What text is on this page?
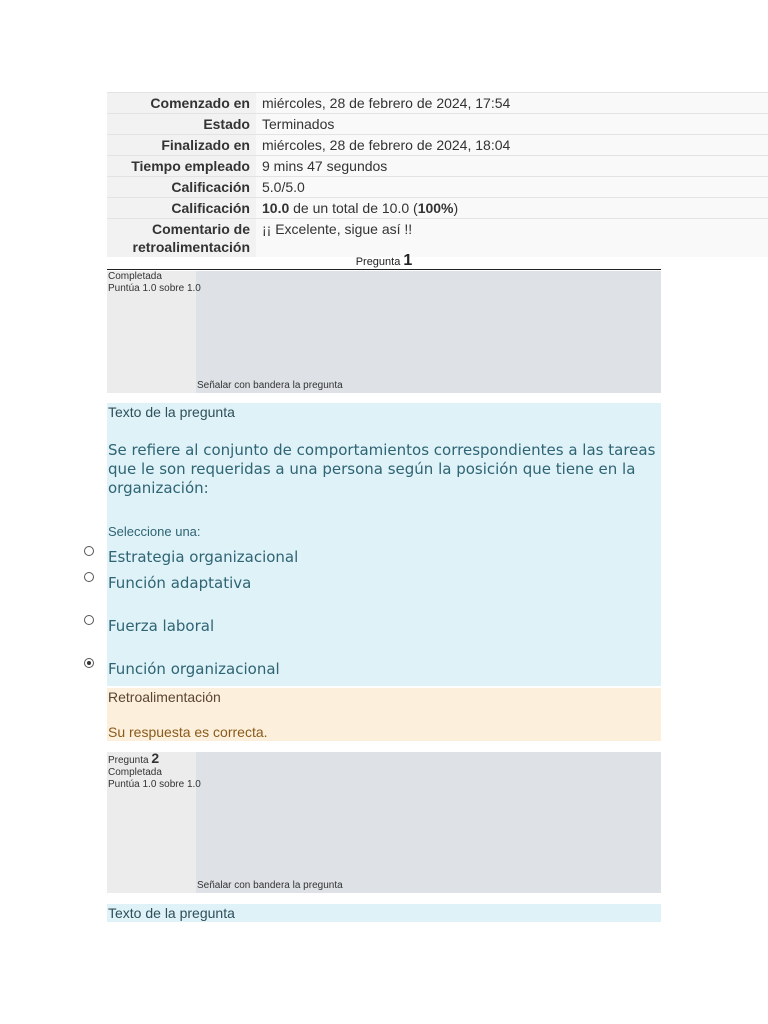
Comenzado en	miércoles, 28 de febrero de 2024, 17:54
Estado	Terminados
Finalizado en	miércoles, 28 de febrero de 2024, 18:04
Tiempo empleado	9 mins 47 segundos
Calificación	5.0/5.0
Calificación	10.0 de un total de 10.0 (100%)
Comentario de retroalimentación	¡¡ Excelente, sigue así !!
Pregunta 1
Completada
Puntúa 1.0 sobre 1.0
Señalar con bandera la pregunta
Texto de la pregunta
Se refiere al conjunto de comportamientos correspondientes a las tareas que le son requeridas a una persona según la posición que tiene en la organización:
Seleccione una:
Estrategia organizacional
Función adaptativa
Fuerza laboral
Función organizacional
Retroalimentación
Su respuesta es correcta.
Pregunta 2
Completada
Puntúa 1.0 sobre 1.0
Señalar con bandera la pregunta
Texto de la pregunta
